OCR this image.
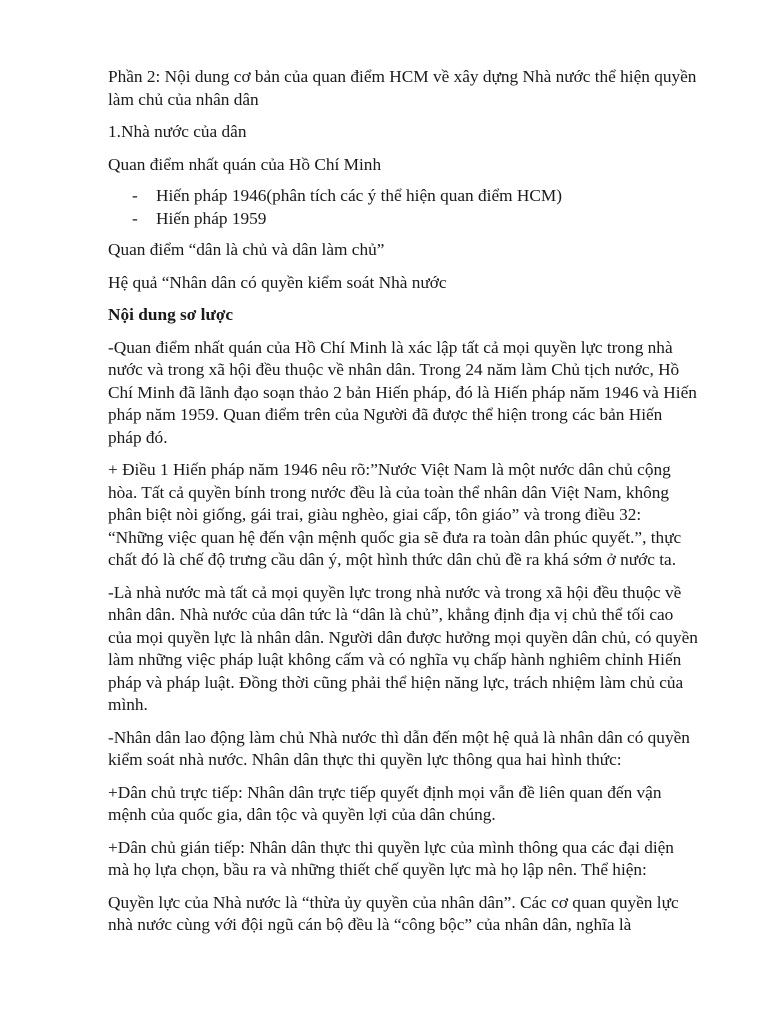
Phần 2: Nội dung cơ bản của quan điểm HCM về xây dựng Nhà nước thể hiện quyền làm chủ của nhân dân

1.Nhà nước của dân

Quan điểm nhất quán của Hồ Chí Minh

- Hiến pháp 1946(phân tích các ý thể hiện quan điểm HCM)
- Hiến pháp 1959

Quan điểm “dân là chủ và dân làm chủ”

Hệ quả “Nhân dân có quyền kiểm soát Nhà nước

Nội dung sơ lược

-Quan điểm nhất quán của Hồ Chí Minh là xác lập tất cả mọi quyền lực trong nhà nước và trong xã hội đều thuộc về nhân dân. Trong 24 năm làm Chủ tịch nước, Hồ Chí Minh đã lãnh đạo soạn thảo 2 bản Hiến pháp, đó là Hiến pháp năm 1946 và Hiến pháp năm 1959. Quan điểm trên của Người đã được thể hiện trong các bản Hiến pháp đó.

+ Điều 1 Hiến pháp năm 1946 nêu rõ:”Nước Việt Nam là một nước dân chủ cộng hòa. Tất cả quyền bính trong nước đều là của toàn thể nhân dân Việt Nam, không phân biệt nòi giống, gái trai, giàu nghèo, giai cấp, tôn giáo” và trong điều 32: “Những việc quan hệ đến vận mệnh quốc gia sẽ đưa ra toàn dân phúc quyết.”, thực chất đó là chế độ trưng cầu dân ý, một hình thức dân chủ đề ra khá sớm ở nước ta.

-Là nhà nước mà tất cả mọi quyền lực trong nhà nước và trong xã hội đều thuộc về nhân dân. Nhà nước của dân tức là “dân là chủ”, khẳng định địa vị chủ thể tối cao của mọi quyền lực là nhân dân. Người dân được hưởng mọi quyền dân chủ, có quyền làm những việc pháp luật không cấm và có nghĩa vụ chấp hành nghiêm chỉnh Hiến pháp và pháp luật. Đồng thời cũng phải thể hiện năng lực, trách nhiệm làm chủ của mình.

-Nhân dân lao động làm chủ Nhà nước thì dẫn đến một hệ quả là nhân dân có quyền kiểm soát nhà nước. Nhân dân thực thi quyền lực thông qua hai hình thức:

+Dân chủ trực tiếp: Nhân dân trực tiếp quyết định mọi vẫn đề liên quan đến vận mệnh của quốc gia, dân tộc và quyền lợi của dân chúng.

+Dân chủ gián tiếp: Nhân dân thực thi quyền lực của mình thông qua các đại diện mà họ lựa chọn, bầu ra và những thiết chế quyền lực mà họ lập nên. Thể hiện:

Quyền lực của Nhà nước là “thừa ủy quyền của nhân dân”. Các cơ quan quyền lực nhà nước cùng với đội ngũ cán bộ đều là “công bộc” của nhân dân, nghĩa là
